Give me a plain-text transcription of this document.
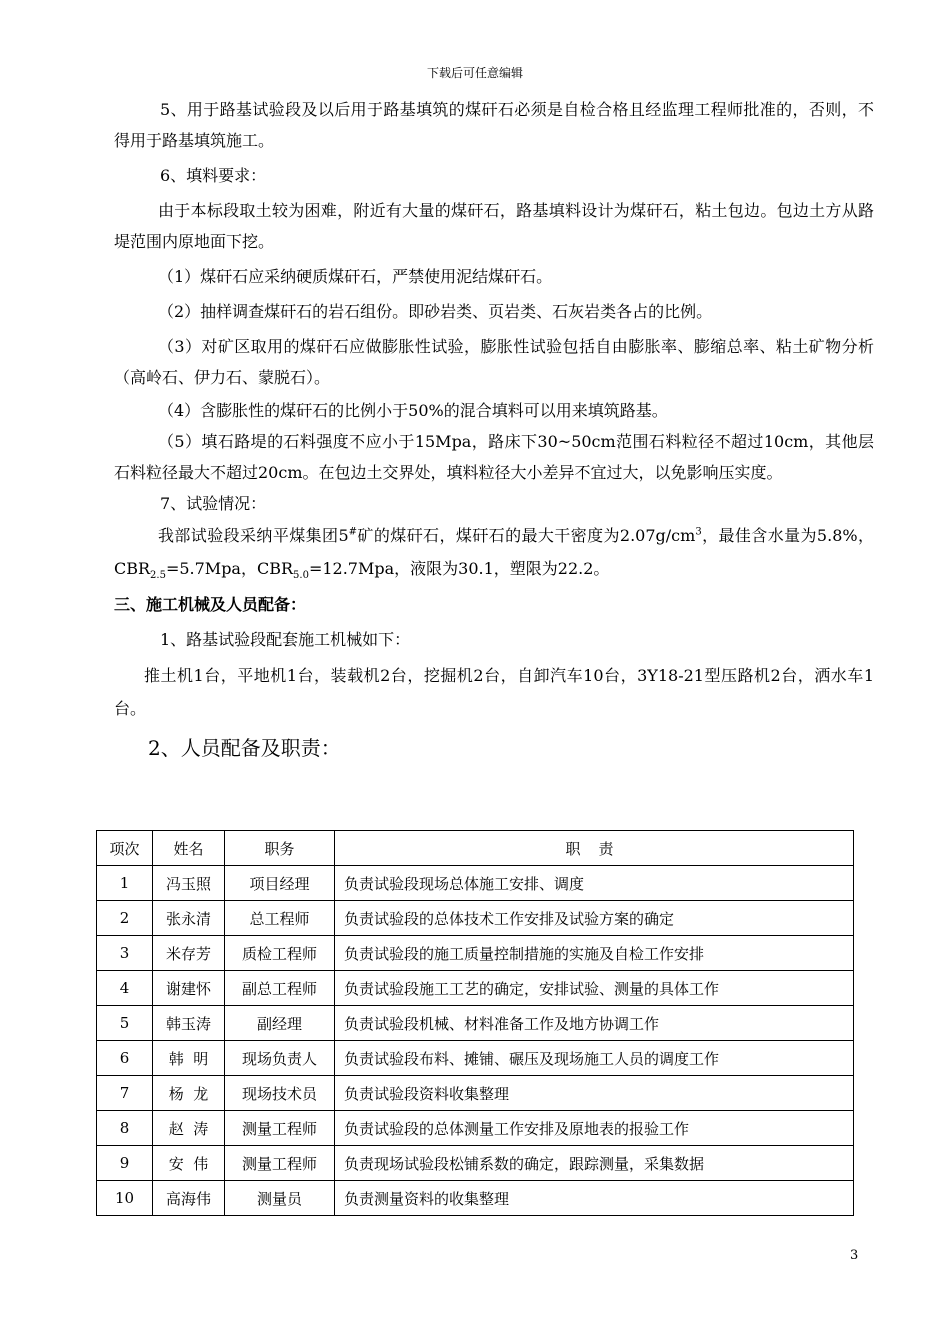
下载后可任意编辑

5、用于路基试验段及以后用于路基填筑的煤矸石必须是自检合格且经监理工程师批准的，否则，不得用于路基填筑施工。

6、填料要求：

由于本标段取土较为困难，附近有大量的煤矸石，路基填料设计为煤矸石，粘土包边。包边土方从路堤范围内原地面下挖。

（1）煤矸石应采纳硬质煤矸石，严禁使用泥结煤矸石。

（2）抽样调查煤矸石的岩石组份。即砂岩类、页岩类、石灰岩类各占的比例。

（3）对矿区取用的煤矸石应做膨胀性试验，膨胀性试验包括自由膨胀率、膨缩总率、粘土矿物分析（高岭石、伊力石、蒙脱石）。

（4）含膨胀性的煤矸石的比例小于50%的混合填料可以用来填筑路基。

（5）填石路堤的石料强度不应小于15Mpa，路床下30~50cm范围石料粒径不超过10cm，其他层石料粒径最大不超过20cm。在包边土交界处，填料粒径大小差异不宜过大，以免影响压实度。

7、试验情况：

我部试验段采纳平煤集团5#矿的煤矸石，煤矸石的最大干密度为$2.07g/cm^3$，最佳含水量为5.8%，$CBR_{2.5}=5.7Mpa$，$CBR_{5.0}=12.7Mpa$，液限为30.1，塑限为22.2。

三、施工机械及人员配备：

1、路基试验段配套施工机械如下：

推土机1台，平地机1台，装载机2台，挖掘机2台，自卸汽车10台，3Y18-21型压路机2台，洒水车1台。

2、人员配备及职责：

项次	姓名	职务	职责
1	冯玉照	项目经理	负责试验段现场总体施工安排、调度
2	张永清	总工程师	负责试验段的总体技术工作安排及试验方案的确定
3	米存芳	质检工程师	负责试验段的施工质量控制措施的实施及自检工作安排
4	谢建怀	副总工程师	负责试验段施工工艺的确定，安排试验、测量的具体工作
5	韩玉涛	副经理	负责试验段机械、材料准备工作及地方协调工作
6	韩  明	现场负责人	负责试验段布料、摊铺、碾压及现场施工人员的调度工作
7	杨  龙	现场技术员	负责试验段资料收集整理
8	赵  涛	测量工程师	负责试验段的总体测量工作安排及原地表的报验工作
9	安  伟	测量工程师	负责现场试验段松铺系数的确定，跟踪测量，采集数据
10	高海伟	测量员	负责测量资料的收集整理
3
